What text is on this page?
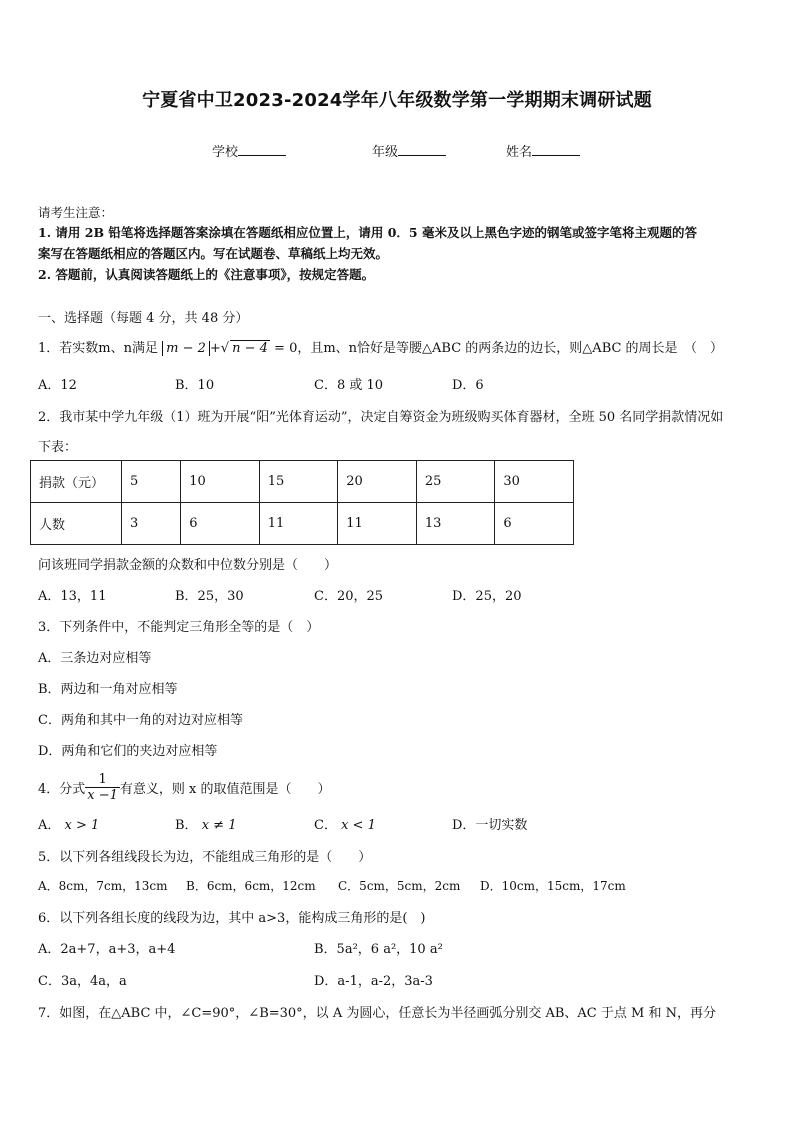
宁夏省中卫2023-2024学年八年级数学第一学期期末调研试题
学校	年级	姓名
请考生注意：
1. 请用 2B 铅笔将选择题答案涂填在答题纸相应位置上，请用 0．5 毫米及以上黑色字迹的钢笔或签字笔将主观题的答
案写在答题纸相应的答题区内。写在试题卷、草稿纸上均无效。
2. 答题前，认真阅读答题纸上的《注意事项》，按规定答题。
一、选择题（每题 4 分，共 48 分）
1．若实数m、n满足 m − 2 +√ n − 4 = 0，且m、n恰好是等腰△ABC 的两条边的边长，则△ABC 的周长是　（　）
A．12	B．10	C．8 或 10	D．6
2．我市某中学九年级（1）班为开展“阳”光体育运动”，决定自筹资金为班级购买体育器材，全班 50 名同学捐款情况如
下表：
捐款（元）	5	10	15	20	25	30
人数	3	6	11	11	13	6
问该班同学捐款金额的众数和中位数分别是（　　）
A．13，11	B．25，30	C．20，25	D．25，20
3．下列条件中，不能判定三角形全等的是（　）
A．三条边对应相等
B．两边和一角对应相等
C．两角和其中一角的对边对应相等
D．两角和它们的夹边对应相等
4．分式 $\frac{1}{x -1}$ 有意义，则 x 的取值范围是（　　）
A． x > 1	B． x ≠ 1	C． x < 1	D．一切实数
5．以下列各组线段长为边，不能组成三角形的是（　　）
A．8cm，7cm，13cm B．6cm，6cm，12cm C．5cm，5cm，2cm D．10cm，15cm，17cm
6．以下列各组长度的线段为边，其中 a>3，能构成三角形的是(　)
A．2a+7，a+3，a+4	B．5a²，6 a²，10 a²
C．3a，4a，a	D．a-1，a-2，3a-3
7．如图，在△ABC 中，∠C=90°，∠B=30°，以 A 为圆心，任意长为半径画弧分别交 AB、AC 于点 M 和 N，再分
